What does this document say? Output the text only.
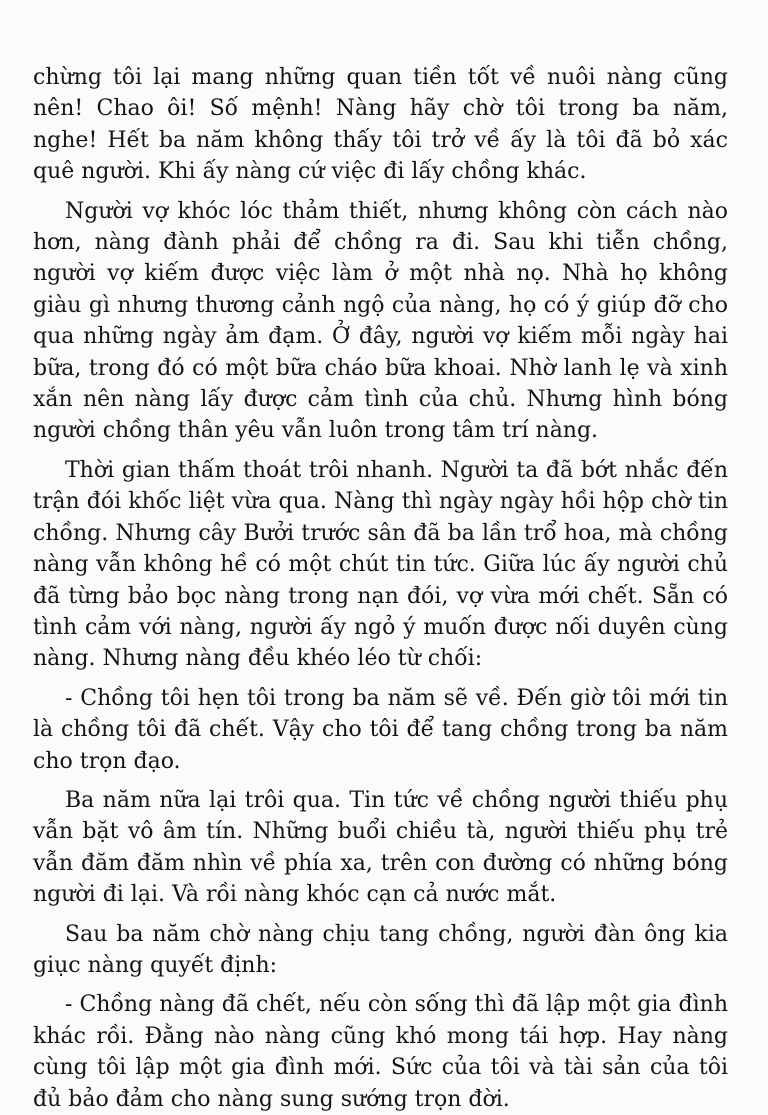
chừng tôi lại mang những quan tiền tốt về nuôi nàng cũng nên! Chao ôi! Số mệnh! Nàng hãy chờ tôi trong ba năm, nghe! Hết ba năm không thấy tôi trở về ấy là tôi đã bỏ xác quê người. Khi ấy nàng cứ việc đi lấy chồng khác.

Người vợ khóc lóc thảm thiết, nhưng không còn cách nào hơn, nàng đành phải để chồng ra đi. Sau khi tiễn chồng, người vợ kiếm được việc làm ở một nhà nọ. Nhà họ không giàu gì nhưng thương cảnh ngộ của nàng, họ có ý giúp đỡ cho qua những ngày ảm đạm. Ở đây, người vợ kiếm mỗi ngày hai bữa, trong đó có một bữa cháo bữa khoai. Nhờ lanh lẹ và xinh xắn nên nàng lấy được cảm tình của chủ. Nhưng hình bóng người chồng thân yêu vẫn luôn trong tâm trí nàng.

Thời gian thấm thoát trôi nhanh. Người ta đã bớt nhắc đến trận đói khốc liệt vừa qua. Nàng thì ngày ngày hồi hộp chờ tin chồng. Nhưng cây Bưởi trước sân đã ba lần trổ hoa, mà chồng nàng vẫn không hề có một chút tin tức. Giữa lúc ấy người chủ đã từng bảo bọc nàng trong nạn đói, vợ vừa mới chết. Sẵn có tình cảm với nàng, người ấy ngỏ ý muốn được nối duyên cùng nàng. Nhưng nàng đều khéo léo từ chối:

- Chồng tôi hẹn tôi trong ba năm sẽ về. Đến giờ tôi mới tin là chồng tôi đã chết. Vậy cho tôi để tang chồng trong ba năm cho trọn đạo.

Ba năm nữa lại trôi qua. Tin tức về chồng người thiếu phụ vẫn bặt vô âm tín. Những buổi chiều tà, người thiếu phụ trẻ vẫn đăm đăm nhìn về phía xa, trên con đường có những bóng người đi lại. Và rồi nàng khóc cạn cả nước mắt.

Sau ba năm chờ nàng chịu tang chồng, người đàn ông kia giục nàng quyết định:

- Chồng nàng đã chết, nếu còn sống thì đã lập một gia đình khác rồi. Đằng nào nàng cũng khó mong tái hợp. Hay nàng cùng tôi lập một gia đình mới. Sức của tôi và tài sản của tôi đủ bảo đảm cho nàng sung sướng trọn đời.
